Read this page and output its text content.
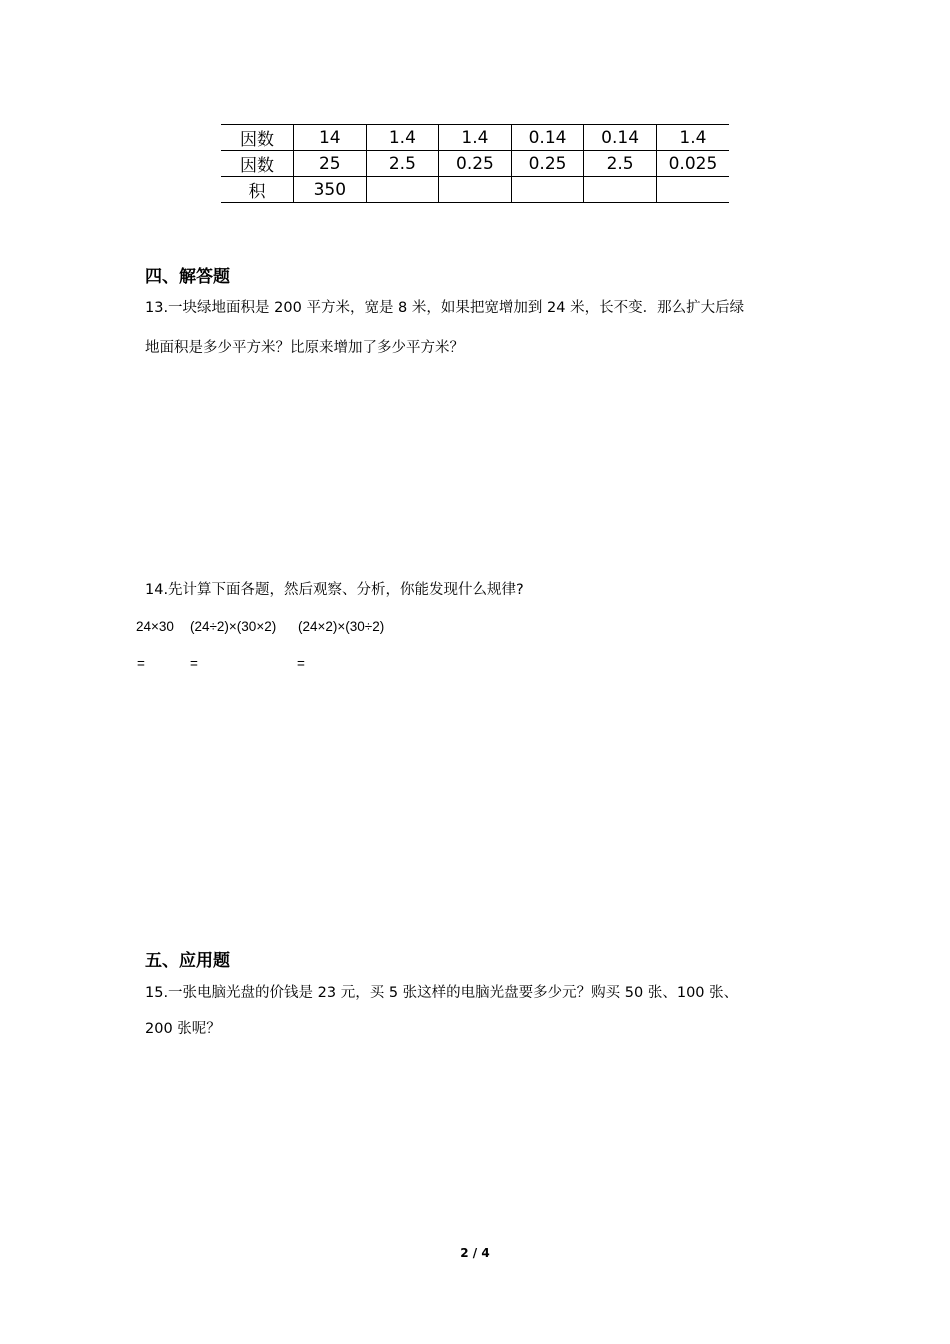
因数	14	1.4	1.4	0.14	0.14	1.4
因数	25	2.5	0.25	0.25	2.5	0.025
积	350					
四、解答题
13.一块绿地面积是 200 平方米，宽是 8 米，如果把宽增加到 24 米，长不变．那么扩大后绿
地面积是多少平方米？比原来增加了多少平方米？
14.先计算下面各题，然后观察、分析，你能发现什么规律?
24×30 (24÷2)×(30×2) (24×2)×(30÷2)
=	=	=
五、应用题
15.一张电脑光盘的价钱是 23 元，买 5 张这样的电脑光盘要多少元？购买 50 张、100 张、
200 张呢？
2 / 4
